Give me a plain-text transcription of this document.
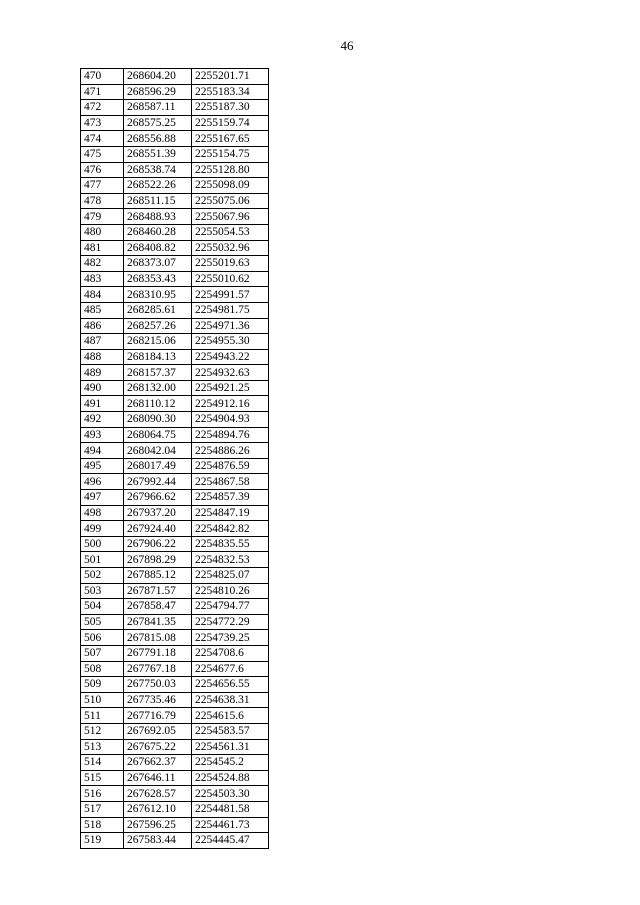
46
470	268604.20	2255201.71
471	268596.29	2255183.34
472	268587.11	2255187.30
473	268575.25	2255159.74
474	268556.88	2255167.65
475	268551.39	2255154.75
476	268538.74	2255128.80
477	268522.26	2255098.09
478	268511.15	2255075.06
479	268488.93	2255067.96
480	268460.28	2255054.53
481	268408.82	2255032.96
482	268373.07	2255019.63
483	268353.43	2255010.62
484	268310.95	2254991.57
485	268285.61	2254981.75
486	268257.26	2254971.36
487	268215.06	2254955.30
488	268184.13	2254943.22
489	268157.37	2254932.63
490	268132.00	2254921.25
491	268110.12	2254912.16
492	268090.30	2254904.93
493	268064.75	2254894.76
494	268042.04	2254886.26
495	268017.49	2254876.59
496	267992.44	2254867.58
497	267966.62	2254857.39
498	267937.20	2254847.19
499	267924.40	2254842.82
500	267906.22	2254835.55
501	267898.29	2254832.53
502	267885.12	2254825.07
503	267871.57	2254810.26
504	267858.47	2254794.77
505	267841.35	2254772.29
506	267815.08	2254739.25
507	267791.18	2254708.6
508	267767.18	2254677.6
509	267750.03	2254656.55
510	267735.46	2254638.31
511	267716.79	2254615.6
512	267692.05	2254583.57
513	267675.22	2254561.31
514	267662.37	2254545.2
515	267646.11	2254524.88
516	267628.57	2254503.30
517	267612.10	2254481.58
518	267596.25	2254461.73
519	267583.44	2254445.47
